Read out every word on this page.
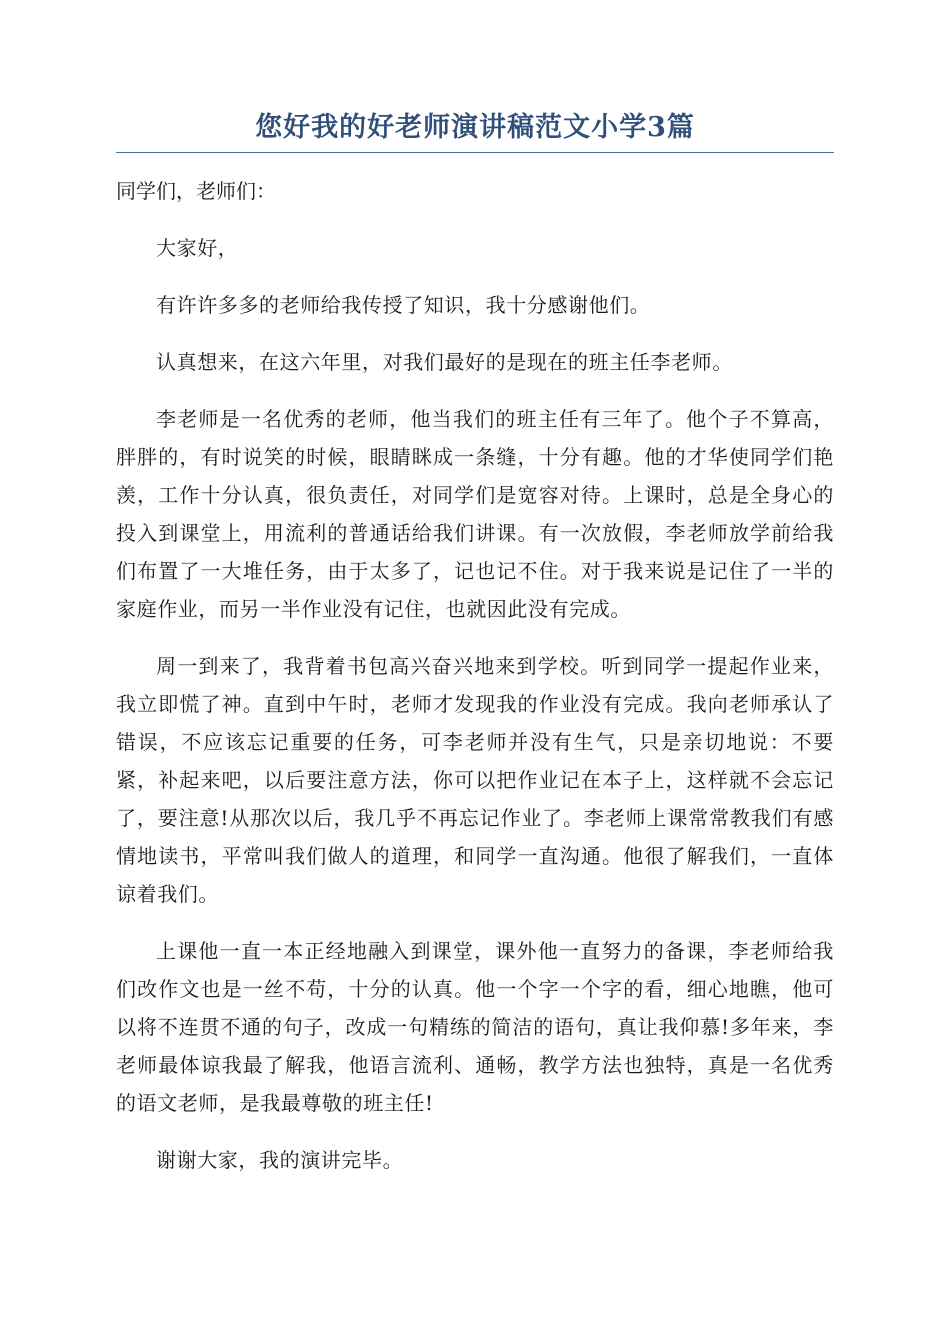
您好我的好老师演讲稿范文小学3篇

同学们，老师们：

大家好，

有许许多多的老师给我传授了知识，我十分感谢他们。

认真想来，在这六年里，对我们最好的是现在的班主任李老师。

李老师是一名优秀的老师，他当我们的班主任有三年了。他个子不算高，胖胖的，有时说笑的时候，眼睛眯成一条缝，十分有趣。他的才华使同学们艳羡，工作十分认真，很负责任，对同学们是宽容对待。上课时，总是全身心的投入到课堂上，用流利的普通话给我们讲课。有一次放假，李老师放学前给我们布置了一大堆任务，由于太多了，记也记不住。对于我来说是记住了一半的家庭作业，而另一半作业没有记住，也就因此没有完成。

周一到来了，我背着书包高兴奋兴地来到学校。听到同学一提起作业来，我立即慌了神。直到中午时，老师才发现我的作业没有完成。我向老师承认了错误，不应该忘记重要的任务，可李老师并没有生气，只是亲切地说：不要紧，补起来吧，以后要注意方法，你可以把作业记在本子上，这样就不会忘记了，要注意!从那次以后，我几乎不再忘记作业了。李老师上课常常教我们有感情地读书，平常叫我们做人的道理，和同学一直沟通。他很了解我们，一直体谅着我们。

上课他一直一本正经地融入到课堂，课外他一直努力的备课，李老师给我们改作文也是一丝不苟，十分的认真。他一个字一个字的看，细心地瞧，他可以将不连贯不通的句子，改成一句精练的简洁的语句，真让我仰慕!多年来，李老师最体谅我最了解我，他语言流利、通畅，教学方法也独特，真是一名优秀的语文老师，是我最尊敬的班主任!

谢谢大家，我的演讲完毕。
